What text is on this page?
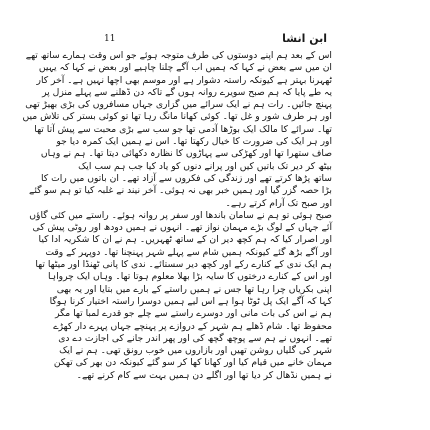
11	ابن انشا
اس کے بعد ہم اپنے دوستوں کی طرف متوجہ ہوئے جو اس وقت ہمارے ساتھ تھے
ان میں سے بعض نے کہا کہ ہمیں اب آگے چلنا چاہیے اور بعض نے کہا کہ یہیں
ٹھہرنا بہتر ہے کیونکہ راستہ دشوار ہے اور موسم بھی اچھا نہیں ہے۔ آخر کار
یہ طے پایا کہ ہم صبح سویرے روانہ ہوں گے تاکہ دن ڈھلنے سے پہلے منزل پر
پہنچ جائیں۔ رات ہم نے ایک سرائے میں گزاری جہاں مسافروں کی بڑی بھیڑ تھی
اور ہر طرف شور و غل تھا۔ کوئی کھانا مانگ رہا تھا تو کوئی بستر کی تلاش میں
تھا۔ سرائے کا مالک ایک بوڑھا آدمی تھا جو سب سے بڑی محبت سے پیش آتا تھا
اور ہر ایک کی ضرورت کا خیال رکھتا تھا۔ اس نے ہمیں ایک کمرہ دیا جو
صاف ستھرا تھا اور کھڑکی سے پہاڑوں کا نظارہ دکھائی دیتا تھا۔ ہم نے وہاں
بیٹھ کر دیر تک باتیں کیں اور پرانے دنوں کو یاد کیا جب ہم سب ایک
ساتھ پڑھا کرتے تھے اور زندگی کی فکروں سے آزاد تھے۔ ان باتوں میں رات کا
بڑا حصہ گزر گیا اور ہمیں خبر بھی نہ ہوئی۔ آخر نیند نے غلبہ کیا تو ہم سو گئے
اور صبح تک آرام کرتے رہے۔
صبح ہوئی تو ہم نے سامان باندھا اور سفر پر روانہ ہوئے۔ راستے میں کئی گاؤں
آئے جہاں کے لوگ بڑے مہمان نواز تھے۔ انہوں نے ہمیں دودھ اور روٹی پیش کی
اور اصرار کیا کہ ہم کچھ دیر ان کے ساتھ ٹھہریں۔ ہم نے ان کا شکریہ ادا کیا
اور آگے بڑھ گئے کیونکہ ہمیں شام سے پہلے شہر پہنچنا تھا۔ دوپہر کے وقت
ہم ایک ندی کے کنارے رکے اور کچھ دیر سستائے۔ ندی کا پانی ٹھنڈا اور میٹھا تھا
اور اس کے کنارے درختوں کا سایہ بڑا بھلا معلوم ہوتا تھا۔ وہاں ایک چرواہا
اپنی بکریاں چرا رہا تھا جس نے ہمیں راستے کے بارے میں بتایا اور یہ بھی
کہا کہ آگے ایک پل ٹوٹا ہوا ہے اس لیے ہمیں دوسرا راستہ اختیار کرنا ہوگا
ہم نے اس کی بات مانی اور دوسرے راستے سے چلے جو قدرے لمبا تھا مگر
محفوظ تھا۔ شام ڈھلے ہم شہر کے دروازے پر پہنچے جہاں پہرے دار کھڑے
تھے۔ انہوں نے ہم سے پوچھ گچھ کی اور پھر اندر جانے کی اجازت دے دی
شہر کی گلیاں روشن تھیں اور بازاروں میں خوب رونق تھی۔ ہم نے ایک
مہمان خانے میں قیام کیا اور کھانا کھا کر سو گئے کیونکہ دن بھر کی تھکن
نے ہمیں نڈھال کر دیا تھا اور اگلے دن ہمیں بہت سے کام کرنے تھے۔
